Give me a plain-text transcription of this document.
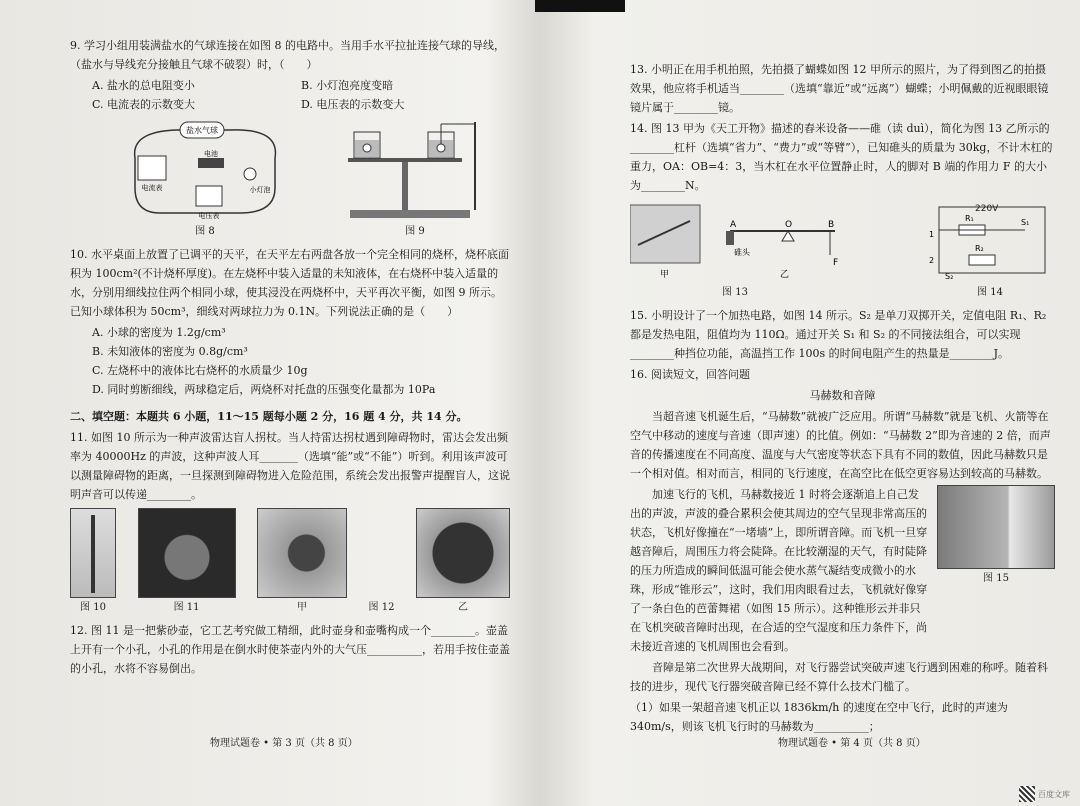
9. 学习小组用装满盐水的气球连接在如图 8 的电路中。当用手水平拉扯连接气球的导线，（盐水与导线充分接触且气球不破裂）时，（　　）

A. 盐水的总电阻变小	B. 小灯泡亮度变暗
C. 电流表的示数变大	D. 电压表的示数变大
盐水气球
电流表
电池
小灯泡
电压表
图 8	图 9

10. 水平桌面上放置了已调平的天平，在天平左右两盘各放一个完全相同的烧杯，烧杯底面积为 100cm²(不计烧杯厚度)。在左烧杯中装入适量的未知液体，在右烧杯中装入适量的水，分别用细线拉住两个相同小球，使其浸没在两烧杯中，天平再次平衡，如图 9 所示。已知小球体积为 50cm³，细线对两球拉力为 0.1N。下列说法正确的是（　　）

A. 小球的密度为 1.2g/cm³
B. 未知液体的密度为 0.8g/cm³
C. 左烧杯中的液体比右烧杯的水质量少 10g
D. 同时剪断细线，两球稳定后，两烧杯对托盘的压强变化量都为 10Pa

二、填空题：本题共 6 小题，11～15 题每小题 2 分，16 题 4 分，共 14 分。

11. 如图 10 所示为一种声波雷达盲人拐杖。当人持雷达拐杖遇到障碍物时，雷达会发出频率为 40000Hz 的声波，这种声波人耳_______（选填“能”或“不能”）听到。利用该声波可以测量障碍物的距离，一旦探测到障碍物进入危险范围，系统会发出报警声提醒盲人，这说明声音可以传递________。

图 10	图 11	甲	图 12	乙

12. 图 11 是一把紫砂壶，它工艺考究做工精细，此时壶身和壶嘴构成一个________。壶盖上开有一个小孔，小孔的作用是在倒水时使茶壶内外的大气压__________，若用手按住壶盖的小孔，水将不容易倒出。

物理试题卷 • 第 3 页（共 8 页）

13. 小明正在用手机拍照，先拍摄了蝴蝶如图 12 甲所示的照片，为了得到图乙的拍摄效果，他应将手机适当________（选填“靠近”或“远离”）蝴蝶；小明佩戴的近视眼眼镜镜片属于________镜。

14. 图 13 甲为《天工开物》描述的舂米设备——碓（读 duì），简化为图 13 乙所示的________杠杆（选填“省力”、“费力”或“等臂”），已知碓头的质量为 30kg，不计木杠的重力，OA：OB=4：3，当木杠在水平位置静止时，人的脚对 B 端的作用力 F 的大小为________N。

A	O	B
碓头
F
甲	乙
图 13
220V
R₁	S₁
R₂
1
2
S₂
图 14

15. 小明设计了一个加热电路，如图 14 所示。S₂ 是单刀双掷开关，定值电阻 R₁、R₂ 都是发热电阻，阻值均为 110Ω。通过开关 S₁ 和 S₂ 的不同接法组合，可以实现________种挡位功能，高温挡工作 100s 的时间电阻产生的热量是________J。

16. 阅读短文，回答问题

马赫数和音障

当超音速飞机诞生后，“马赫数”就被广泛应用。所谓“马赫数”就是飞机、火箭等在空气中移动的速度与音速（即声速）的比值。例如：“马赫数 2”即为音速的 2 倍，而声音的传播速度在不同高度、温度与大气密度等状态下具有不同的数值，因此马赫数只是一个相对值。相对而言，相同的飞行速度，在高空比在低空更容易达到较高的马赫数。

加速飞行的飞机，马赫数接近 1 时将会逐渐追上自己发出的声波，声波的叠合累积会使其周边的空气呈现非常高压的状态，飞机好像撞在“一堵墙”上，即所谓音障。而飞机一旦穿越音障后，周围压力将会陡降。在比较潮湿的天气，有时陡降的压力所造成的瞬间低温可能会使水蒸气凝结变成微小的水珠，形成“锥形云”，这时，我们用肉眼看过去，飞机就好像穿了一条白色的芭蕾舞裙（如图 15 所示）。这种锥形云并非只在飞机突破音障时出现，在合适的空气湿度和压力条件下，尚未接近音速的飞机周围也会看到。

图 15

音障是第二次世界大战期间，对飞行器尝试突破声速飞行遇到困难的称呼。随着科技的进步，现代飞行器突破音障已经不算什么技术门槛了。

（1）如果一架超音速飞机正以 1836km/h 的速度在空中飞行，此时的声速为 340m/s，则该飞机飞行时的马赫数为__________；

物理试题卷 • 第 4 页（共 8 页）
百度文库
